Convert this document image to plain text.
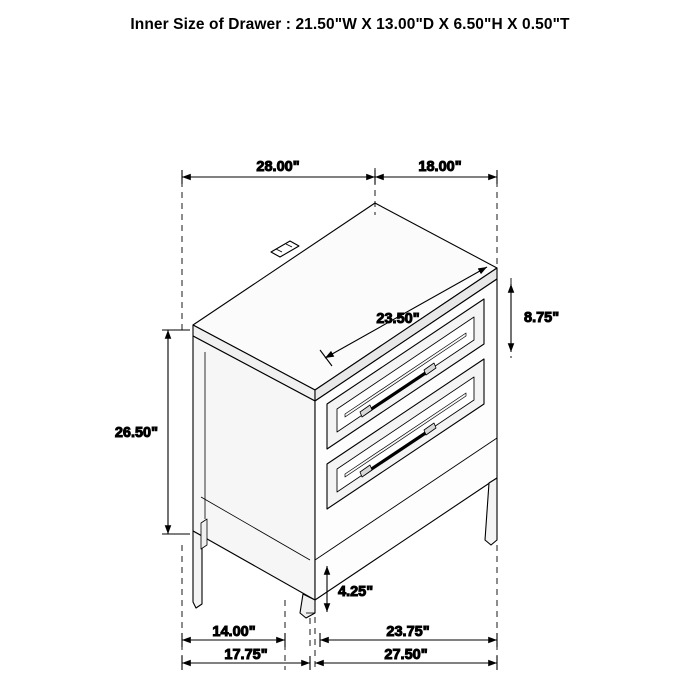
Inner Size of Drawer : 21.50"W X 13.00"D X 6.50"H X 0.50"T
28.00"	18.00"
23.50"	8.75"
26.50"
4.25"
14.00"	23.75"
17.75"	27.50"
